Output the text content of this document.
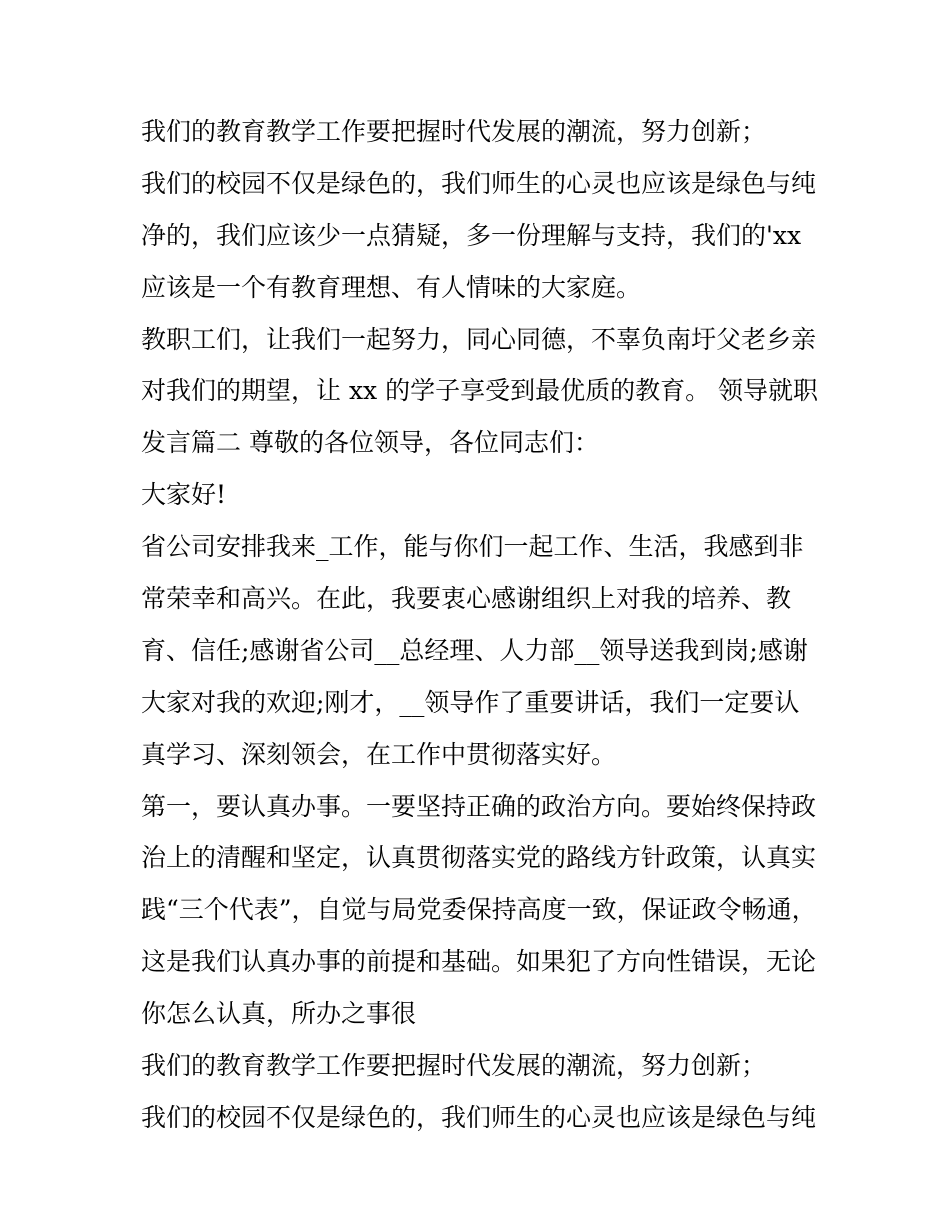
我们的教育教学工作要把握时代发展的潮流，努力创新；
我们的校园不仅是绿色的，我们师生的心灵也应该是绿色与纯
净的，我们应该少一点猜疑，多一份理解与支持，我们的'xx
应该是一个有教育理想、有人情味的大家庭。
教职工们，让我们一起努力，同心同德，不辜负南圩父老乡亲
对我们的期望，让 xx 的学子享受到最优质的教育。 领导就职
发言篇二 尊敬的各位领导，各位同志们：
大家好!
省公司安排我来_工作，能与你们一起工作、生活，我感到非
常荣幸和高兴。在此，我要衷心感谢组织上对我的培养、教
育、信任;感谢省公司__总经理、人力部__领导送我到岗;感谢
大家对我的欢迎;刚才，__领导作了重要讲话，我们一定要认
真学习、深刻领会，在工作中贯彻落实好。
第一，要认真办事。一要坚持正确的政治方向。要始终保持政
治上的清醒和坚定，认真贯彻落实党的路线方针政策，认真实
践“三个代表”，自觉与局党委保持高度一致，保证政令畅通，
这是我们认真办事的前提和基础。如果犯了方向性错误，无论
你怎么认真，所办之事很
我们的教育教学工作要把握时代发展的潮流，努力创新；
我们的校园不仅是绿色的，我们师生的心灵也应该是绿色与纯
